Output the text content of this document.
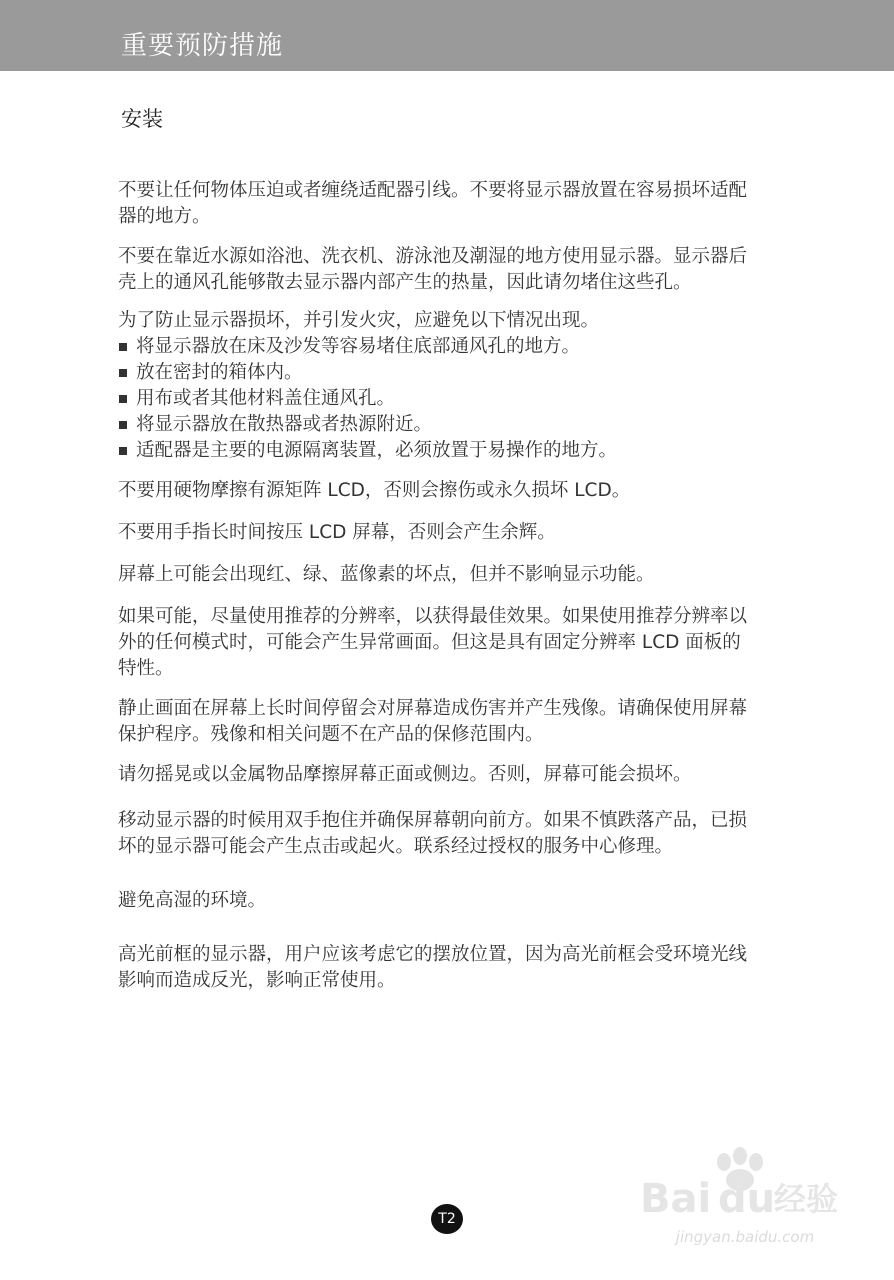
重要预防措施
安装

不要让任何物体压迫或者缠绕适配器引线。不要将显示器放置在容易损坏适配器的地方。

不要在靠近水源如浴池、洗衣机、游泳池及潮湿的地方使用显示器。显示器后壳上的通风孔能够散去显示器内部产生的热量，因此请勿堵住这些孔。

为了防止显示器损坏，并引发火灾，应避免以下情况出现。

将显示器放在床及沙发等容易堵住底部通风孔的地方。
放在密封的箱体内。
用布或者其他材料盖住通风孔。
将显示器放在散热器或者热源附近。
适配器是主要的电源隔离装置，必须放置于易操作的地方。

不要用硬物摩擦有源矩阵 LCD，否则会擦伤或永久损坏 LCD。

不要用手指长时间按压 LCD 屏幕，否则会产生余辉。

屏幕上可能会出现红、绿、蓝像素的坏点，但并不影响显示功能。

如果可能，尽量使用推荐的分辨率，以获得最佳效果。如果使用推荐分辨率以外的任何模式时，可能会产生异常画面。但这是具有固定分辨率 LCD 面板的特性。

静止画面在屏幕上长时间停留会对屏幕造成伤害并产生残像。请确保使用屏幕保护程序。残像和相关问题不在产品的保修范围内。

请勿摇晃或以金属物品摩擦屏幕正面或侧边。否则，屏幕可能会损坏。

移动显示器的时候用双手抱住并确保屏幕朝向前方。如果不慎跌落产品，已损坏的显示器可能会产生点击或起火。联系经过授权的服务中心修理。

避免高湿的环境。

高光前框的显示器，用户应该考虑它的摆放位置，因为高光前框会受环境光线影响而造成反光，影响正常使用。

T2	Bai du
经验
jingyan.baidu.com
